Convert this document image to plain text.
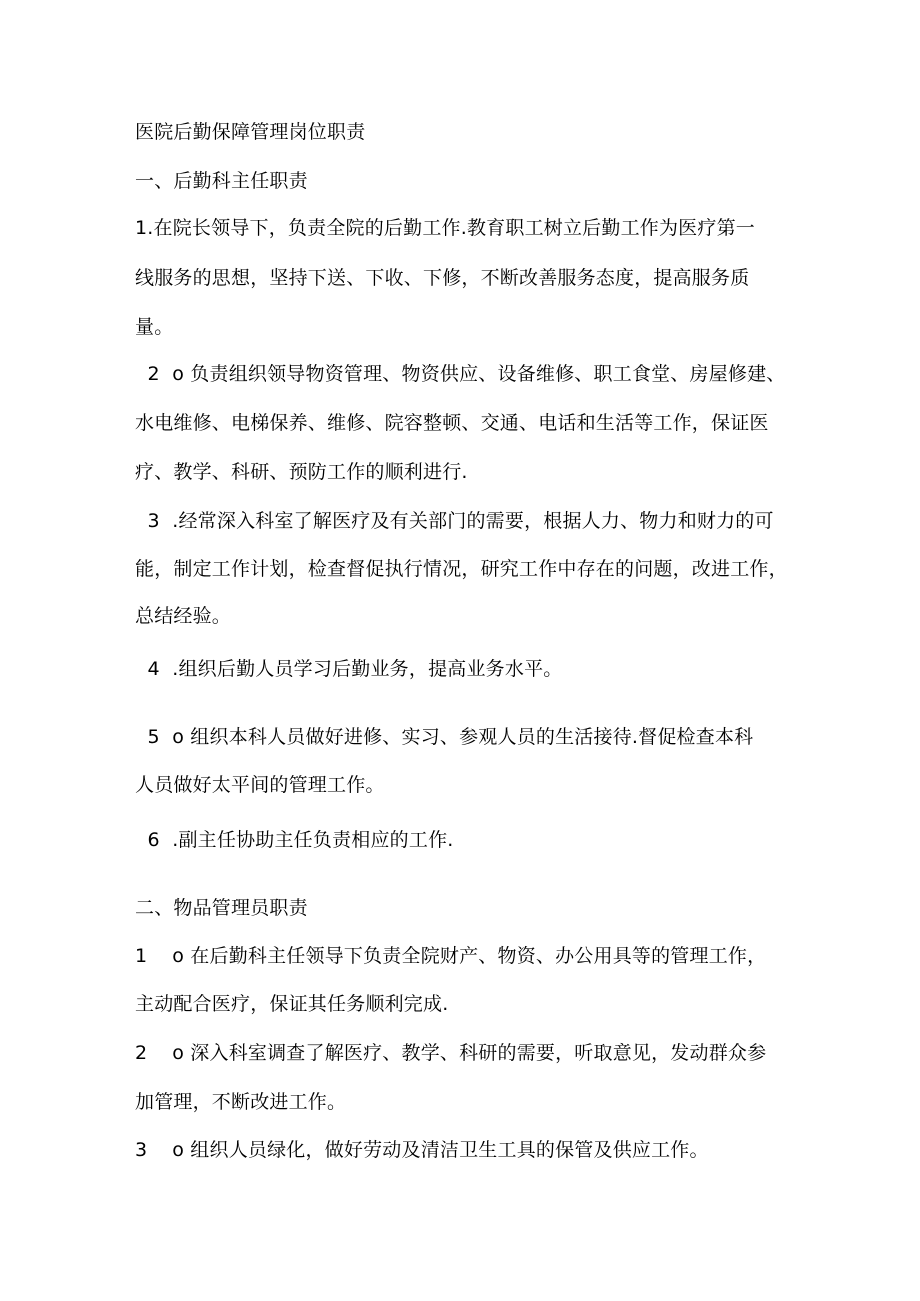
医院后勤保障管理岗位职责
一、后勤科主任职责
1.在院长领导下，负责全院的后勤工作.教育职工树立后勤工作为医疗第一
线服务的思想，坚持下送、下收、下修，不断改善服务态度，提高服务质
量。
2  o 负责组织领导物资管理、物资供应、设备维修、职工食堂、房屋修建、
水电维修、电梯保养、维修、院容整顿、交通、电话和生活等工作，保证医
疗、教学、科研、预防工作的顺利进行.
3  .经常深入科室了解医疗及有关部门的需要，根据人力、物力和财力的可
能，制定工作计划，检查督促执行情况，研究工作中存在的问题，改进工作，
总结经验。
4  .组织后勤人员学习后勤业务，提高业务水平。
5  o 组织本科人员做好进修、实习、参观人员的生活接待.督促检查本科
人员做好太平间的管理工作。
6  .副主任协助主任负责相应的工作.
二、物品管理员职责
1    o 在后勤科主任领导下负责全院财产、物资、办公用具等的管理工作，
主动配合医疗，保证其任务顺利完成.
2    o 深入科室调查了解医疗、教学、科研的需要，听取意见，发动群众参
加管理，不断改进工作。
3    o 组织人员绿化，做好劳动及清洁卫生工具的保管及供应工作。
